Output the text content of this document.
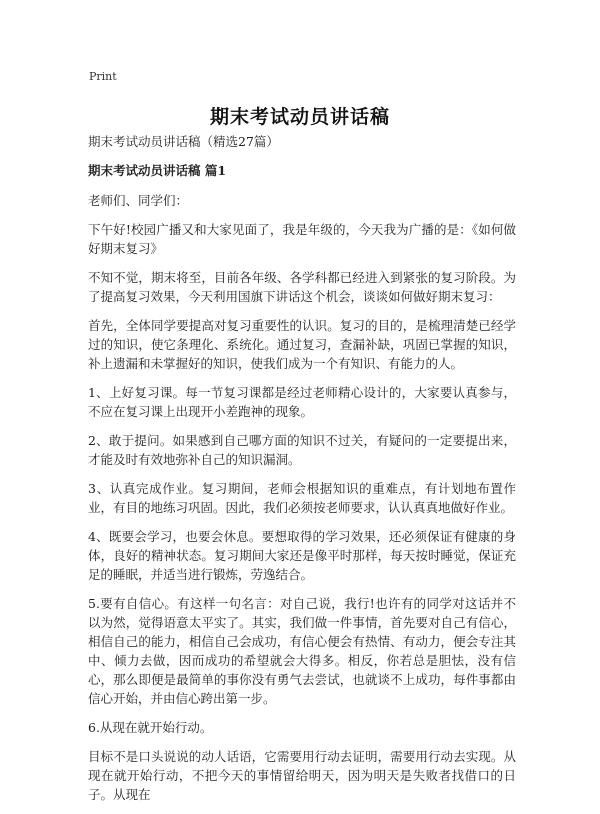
Print
期末考试动员讲话稿

期末考试动员讲话稿（精选27篇）

期末考试动员讲话稿 篇1

老师们、同学们：

下午好!校园广播又和大家见面了，我是年级的，今天我为广播的是：《如何做好期末复习》

不知不觉，期末将至，目前各年级、各学科都已经进入到紧张的复习阶段。为了提高复习效果，今天利用国旗下讲话这个机会，谈谈如何做好期末复习：

首先，全体同学要提高对复习重要性的认识。复习的目的，是梳理清楚已经学过的知识，使它条理化、系统化。通过复习，查漏补缺，巩固已掌握的知识，补上遗漏和未掌握好的知识，使我们成为一个有知识、有能力的人。

1、上好复习课。每一节复习课都是经过老师精心设计的，大家要认真参与，不应在复习课上出现开小差跑神的现象。

2、敢于提问。如果感到自己哪方面的知识不过关，有疑问的一定要提出来，才能及时有效地弥补自己的知识漏洞。

3、认真完成作业。复习期间，老师会根据知识的重难点，有计划地布置作业，有目的地练习巩固。因此，我们必须按老师要求，认认真真地做好作业。

4、既要会学习，也要会休息。要想取得的学习效果，还必须保证有健康的身体，良好的精神状态。复习期间大家还是像平时那样，每天按时睡觉，保证充足的睡眠，并适当进行锻炼，劳逸结合。

5.要有自信心。有这样一句名言：对自己说，我行!也许有的同学对这话并不以为然，觉得语意太平实了。其实，我们做一件事情，首先要对自己有信心，相信自己的能力，相信自己会成功，有信心便会有热情、有动力，便会专注其中、倾力去做，因而成功的希望就会大得多。相反，你若总是胆怯，没有信心，那么即便是最简单的事你没有勇气去尝试，也就谈不上成功，每件事都由信心开始，并由信心跨出第一步。

6.从现在就开始行动。

目标不是口头说说的动人话语，它需要用行动去证明，需要用行动去实现。从现在就开始行动，不把今天的事情留给明天，因为明天是失败者找借口的日子。从现在
